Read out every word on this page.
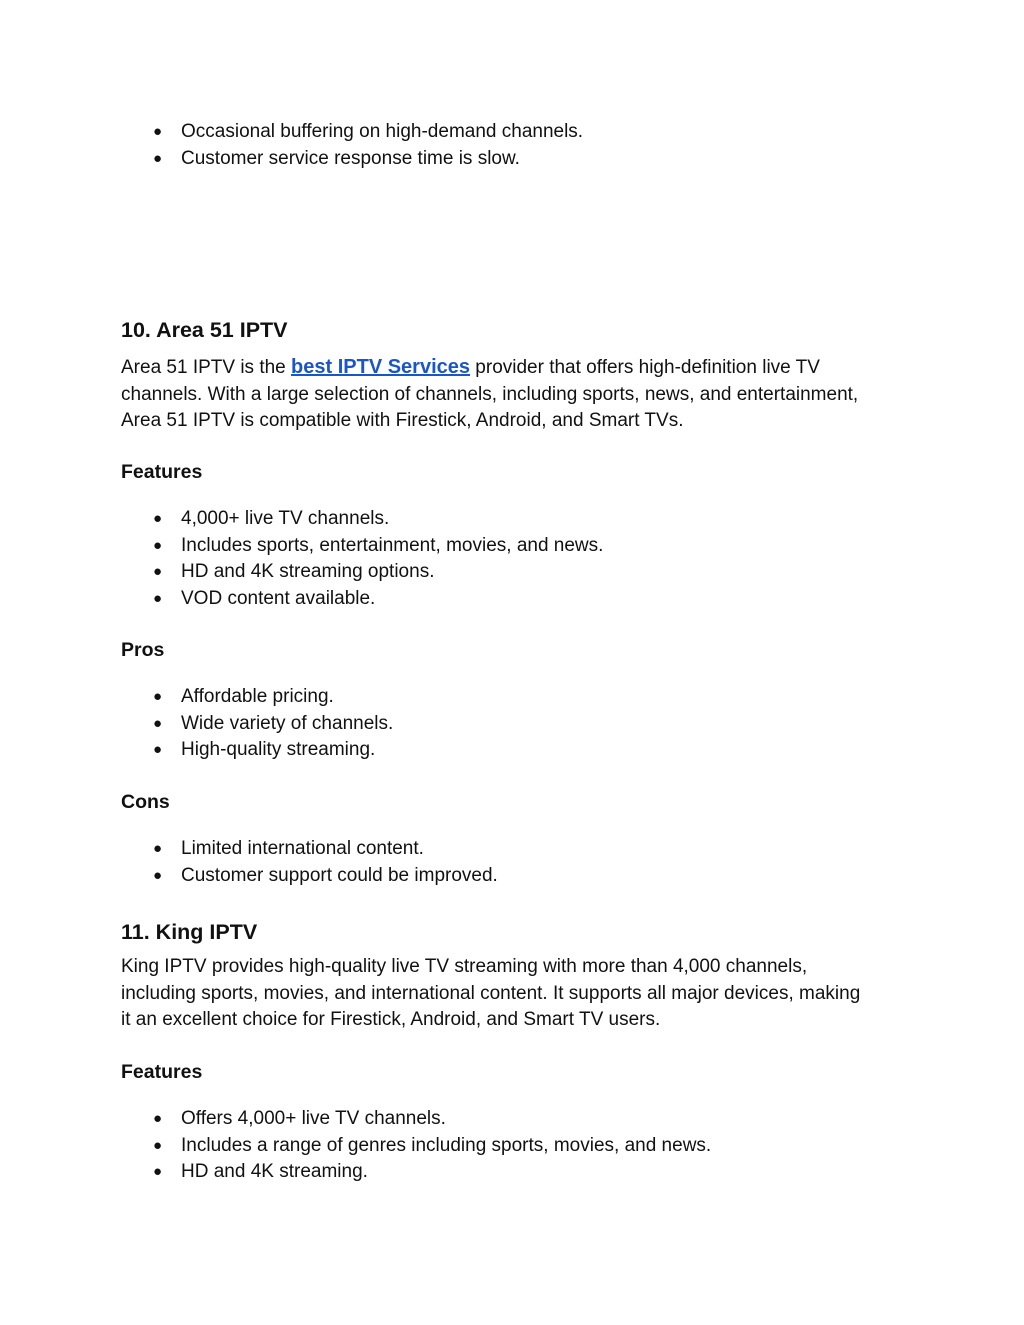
● Occasional buffering on high-demand channels.
● Customer service response time is slow.
10. Area 51 IPTV

Area 51 IPTV is the best IPTV Services provider that offers high-definition live TV
channels. With a large selection of channels, including sports, news, and entertainment,
Area 51 IPTV is compatible with Firestick, Android, and Smart TVs.

Features
● 4,000+ live TV channels.
● Includes sports, entertainment, movies, and news.
● HD and 4K streaming options.
● VOD content available.
Pros
● Affordable pricing.
● Wide variety of channels.
● High-quality streaming.
Cons
● Limited international content.
● Customer support could be improved.
11. King IPTV

King IPTV provides high-quality live TV streaming with more than 4,000 channels,
including sports, movies, and international content. It supports all major devices, making
it an excellent choice for Firestick, Android, and Smart TV users.

Features
● Offers 4,000+ live TV channels.
● Includes a range of genres including sports, movies, and news.
● HD and 4K streaming.
